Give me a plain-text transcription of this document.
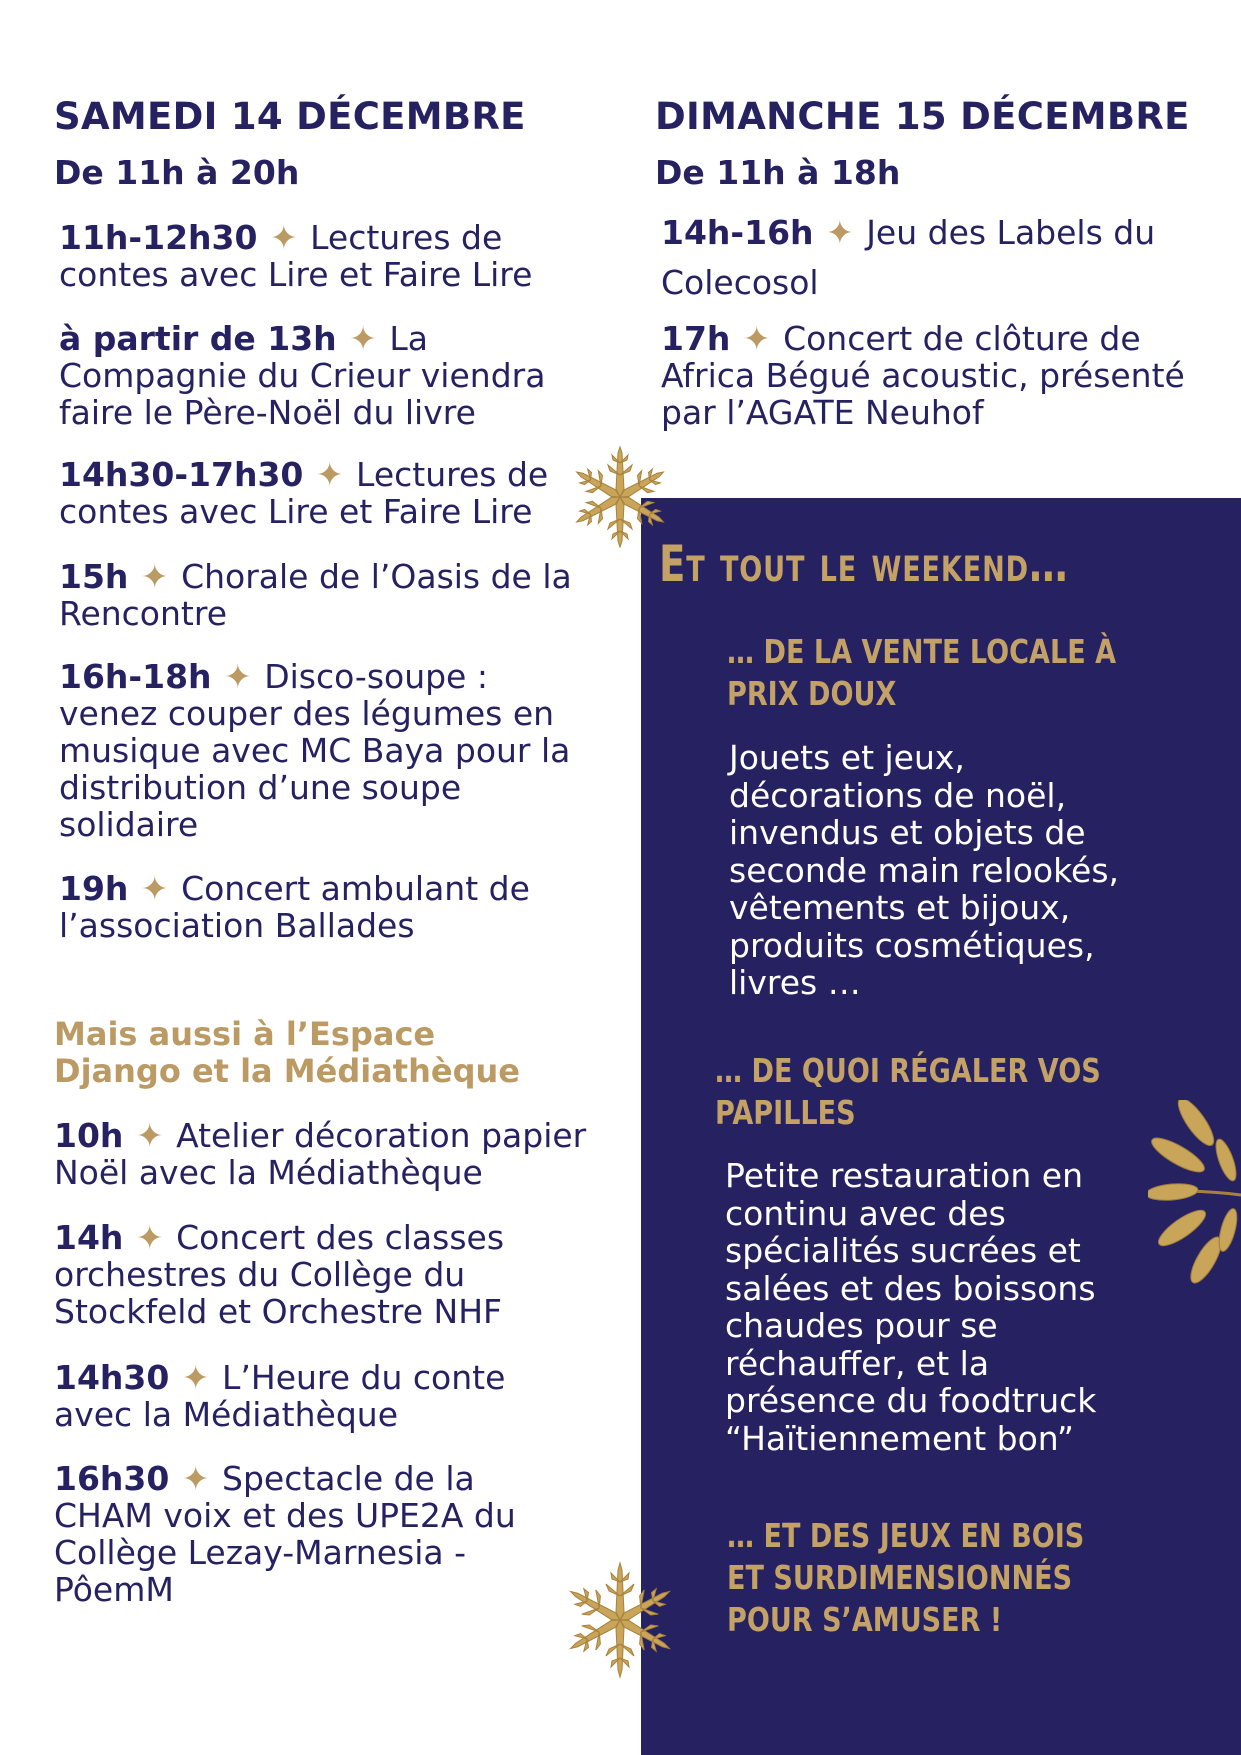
SAMEDI 14 DÉCEMBRE
De 11h à 20h
11h-12h30 ✦ Lectures de contes avec Lire et Faire Lire
à partir de 13h ✦ La Compagnie du Crieur viendra faire le Père-Noël du livre
14h30-17h30 ✦ Lectures de contes avec Lire et Faire Lire
15h ✦ Chorale de l’Oasis de la Rencontre
16h-18h ✦ Disco-soupe : venez couper des légumes en musique avec MC Baya pour la distribution d’une soupe solidaire
19h ✦ Concert ambulant de l’association Ballades
Mais aussi à l’Espace Django et la Médiathèque
10h ✦ Atelier décoration papier Noël avec la Médiathèque
14h ✦ Concert des classes orchestres du Collège du Stockfeld et Orchestre NHF
14h30 ✦ L’Heure du conte avec la Médiathèque
16h30 ✦ Spectacle de la CHAM voix et des UPE2A du Collège Lezay-Marnesia - PôemM
DIMANCHE 15 DÉCEMBRE
De 11h à 18h
14h-16h ✦ Jeu des Labels du Colecosol
17h ✦ Concert de clôture de Africa Bégué acoustic, présenté par l’AGATE Neuhof
Et tout le weekend…
… DE LA VENTE LOCALE À PRIX DOUX
Jouets et jeux, décorations de noël, invendus et objets de seconde main relookés, vêtements et bijoux, produits cosmétiques, livres …
… DE QUOI RÉGALER VOS PAPILLES
Petite restauration en continu avec des spécialités sucrées et salées et des boissons chaudes pour se réchauffer, et la présence du foodtruck “Haïtiennement bon”
… ET DES JEUX EN BOIS ET SURDIMENSIONNÉS POUR S’AMUSER !
